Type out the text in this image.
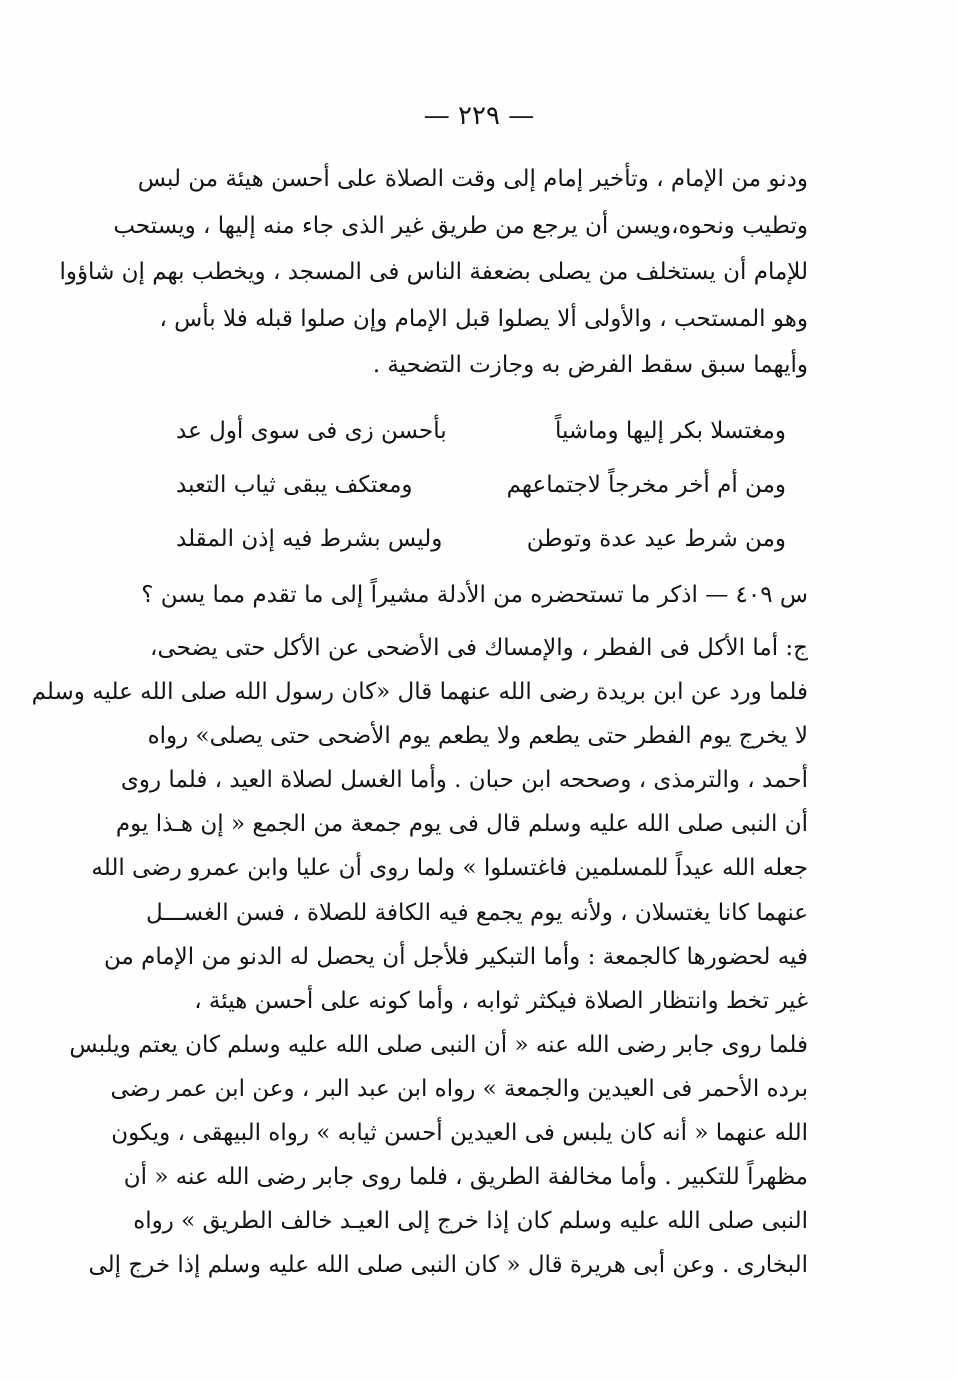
— ٢٢٩ —
ودنو من الإمام ، وتأخير إمام إلى وقت الصلاة على أحسن هيئة من لبس
وتطيب ونحوه،ويسن أن يرجع من طريق غير الذى جاء منه إليها ، ويستحب
للإمام أن يستخلف من يصلى بضعفة الناس فى المسجد ، ويخطب بهم إن شاؤوا
وهو المستحب ، والأولى ألا يصلوا قبل الإمام وإن صلوا قبله فلا بأس ،
وأيهما سبق سقط الفرض به وجازت التضحية .
ومغتسلا بكر إليها وماشياً
بأحسن زى فى سوى أول عد
ومن أم أخر مخرجاً لاجتماعهم
ومعتكف يبقى ثياب التعبد
ومن شرط عيد عدة وتوطن
وليس بشرط فيه إذن المقلد
س ٤٠٩ — اذكر ما تستحضره من الأدلة مشيراً إلى ما تقدم مما يسن ؟
ج: أما الأكل فى الفطر ، والإمساك فى الأضحى عن الأكل حتى يضحى،
فلما ورد عن ابن بريدة رضى الله عنهما قال «كان رسول الله صلى الله عليه وسلم
لا يخرج يوم الفطر حتى يطعم ولا يطعم يوم الأضحى حتى يصلى» رواه
أحمد ، والترمذى ، وصححه ابن حبان . وأما الغسل لصلاة العيد ، فلما روى
أن النبى صلى الله عليه وسلم قال فى يوم جمعة من الجمع « إن هـذا يوم
جعله الله عيداً للمسلمين فاغتسلوا » ولما روى أن عليا وابن عمرو رضى الله
عنهما كانا يغتسلان ، ولأنه يوم يجمع فيه الكافة للصلاة ، فسن الغســـل
فيه لحضورها كالجمعة : وأما التبكير فلأجل أن يحصل له الدنو من الإمام من
غير تخط وانتظار الصلاة فيكثر ثوابه ، وأما كونه على أحسن هيئة ،
فلما روى جابر رضى الله عنه « أن النبى صلى الله عليه وسلم كان يعتم ويلبس
برده الأحمر فى العيدين والجمعة » رواه ابن عبد البر ، وعن ابن عمر رضى
الله عنهما « أنه كان يلبس فى العيدين أحسن ثيابه » رواه البيهقى ، ويكون
مظهراً للتكبير . وأما مخالفة الطريق ، فلما روى جابر رضى الله عنه « أن
النبى صلى الله عليه وسلم كان إذا خرج إلى العيـد خالف الطريق » رواه
البخارى . وعن أبى هريرة قال « كان النبى صلى الله عليه وسلم إذا خرج إلى
